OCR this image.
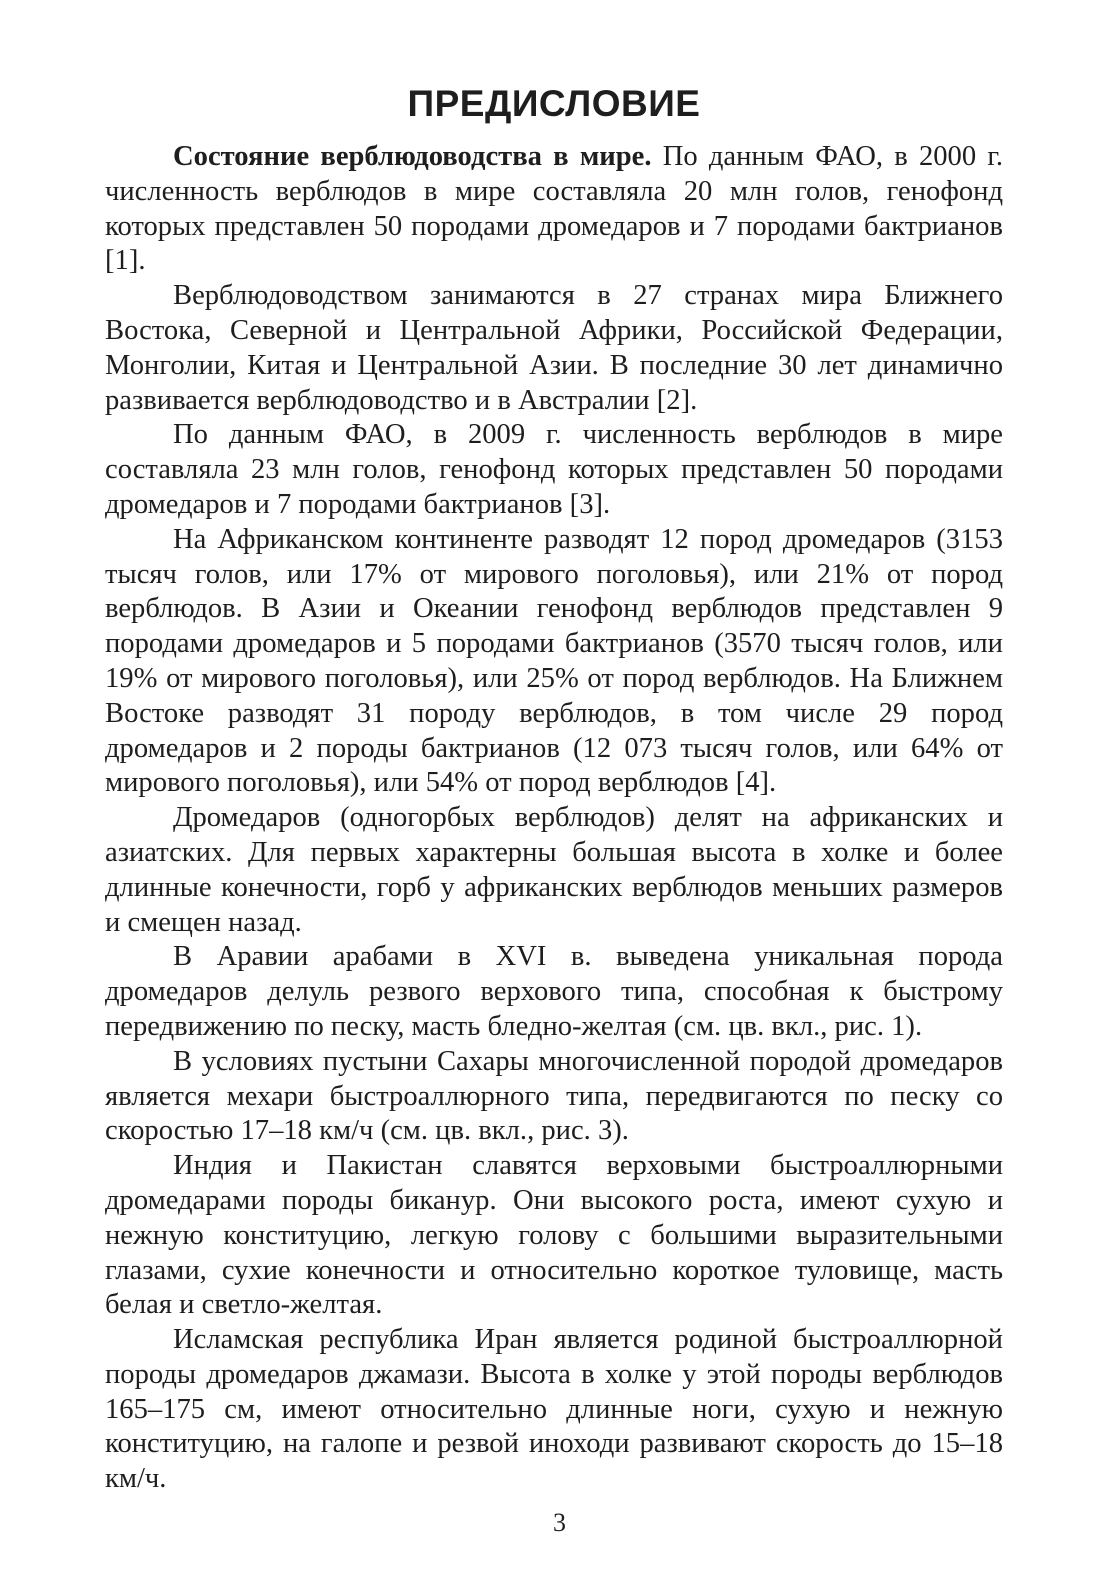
ПРЕДИСЛОВИЕ

Состояние верблюдоводства в мире. По данным ФАО, в 2000 г. численность верблюдов в мире составляла 20 млн голов, генофонд которых представлен 50 породами дромедаров и 7 породами бактрианов [1].

Верблюдоводством занимаются в 27 странах мира Ближнего Востока, Северной и Центральной Африки, Российской Федерации, Монголии, Китая и Центральной Азии. В последние 30 лет динамично развивается верблюдоводство и в Австралии [2].

По данным ФАО, в 2009 г. численность верблюдов в мире составляла 23 млн голов, генофонд которых представлен 50 породами дромедаров и 7 породами бактрианов [3].

На Африканском континенте разводят 12 пород дромедаров (3153 тысяч голов, или 17% от мирового поголовья), или 21% от пород верблюдов. В Азии и Океании генофонд верблюдов представлен 9 породами дромедаров и 5 породами бактрианов (3570 тысяч голов, или 19% от мирового поголовья), или 25% от пород верблюдов. На Ближнем Востоке разводят 31 породу верблюдов, в том числе 29 пород дромедаров и 2 породы бактрианов (12 073 тысяч голов, или 64% от мирового поголовья), или 54% от пород верблюдов [4].

Дромедаров (одногорбых верблюдов) делят на африканских и азиатских. Для первых характерны большая высота в холке и более длинные конечности, горб у африканских верблюдов меньших размеров и смещен назад.

В Аравии арабами в XVI в. выведена уникальная порода дромедаров делуль резвого верхового типа, способная к быстрому передвижению по песку, масть бледно-желтая (см. цв. вкл., рис. 1).

В условиях пустыни Сахары многочисленной породой дромедаров является мехари быстроаллюрного типа, передвигаются по песку со скоростью 17–18 км/ч (см. цв. вкл., рис. 3).

Индия и Пакистан славятся верховыми быстроаллюрными дромедарами породы биканур. Они высокого роста, имеют сухую и нежную конституцию, легкую голову с большими выразительными глазами, сухие конечности и относительно короткое туловище, масть белая и светло-желтая.

Исламская республика Иран является родиной быстроаллюрной породы дромедаров джамази. Высота в холке у этой породы верблюдов 165–175 см, имеют относительно длинные ноги, сухую и нежную конституцию, на галопе и резвой иноходи развивают скорость до 15–18 км/ч.

3
